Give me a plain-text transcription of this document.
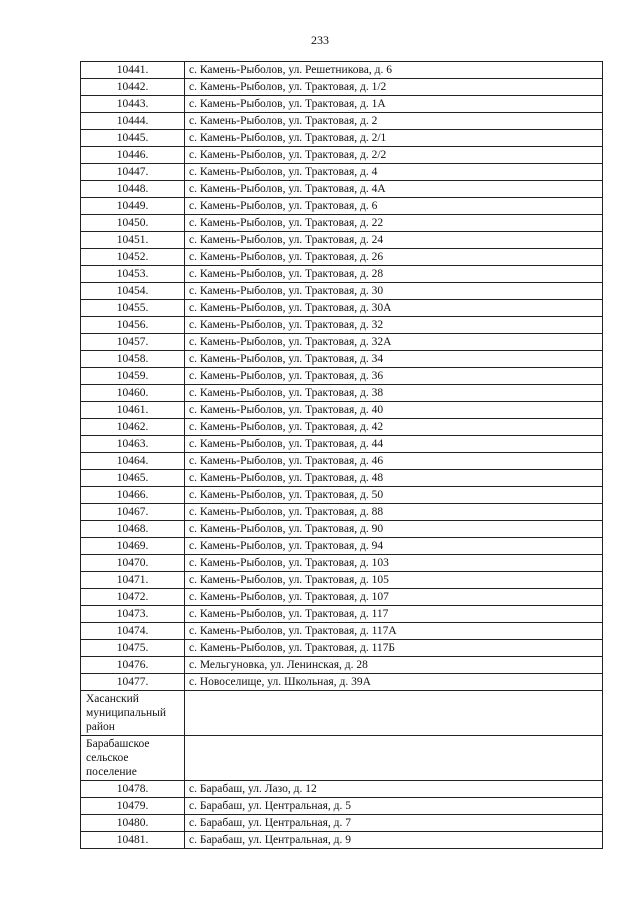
233
10441.	с. Камень-Рыболов, ул. Решетникова, д. 6
10442.	с. Камень-Рыболов, ул. Трактовая, д. 1/2
10443.	с. Камень-Рыболов, ул. Трактовая, д. 1А
10444.	с. Камень-Рыболов, ул. Трактовая, д. 2
10445.	с. Камень-Рыболов, ул. Трактовая, д. 2/1
10446.	с. Камень-Рыболов, ул. Трактовая, д. 2/2
10447.	с. Камень-Рыболов, ул. Трактовая, д. 4
10448.	с. Камень-Рыболов, ул. Трактовая, д. 4А
10449.	с. Камень-Рыболов, ул. Трактовая, д. 6
10450.	с. Камень-Рыболов, ул. Трактовая, д. 22
10451.	с. Камень-Рыболов, ул. Трактовая, д. 24
10452.	с. Камень-Рыболов, ул. Трактовая, д. 26
10453.	с. Камень-Рыболов, ул. Трактовая, д. 28
10454.	с. Камень-Рыболов, ул. Трактовая, д. 30
10455.	с. Камень-Рыболов, ул. Трактовая, д. 30А
10456.	с. Камень-Рыболов, ул. Трактовая, д. 32
10457.	с. Камень-Рыболов, ул. Трактовая, д. 32А
10458.	с. Камень-Рыболов, ул. Трактовая, д. 34
10459.	с. Камень-Рыболов, ул. Трактовая, д. 36
10460.	с. Камень-Рыболов, ул. Трактовая, д. 38
10461.	с. Камень-Рыболов, ул. Трактовая, д. 40
10462.	с. Камень-Рыболов, ул. Трактовая, д. 42
10463.	с. Камень-Рыболов, ул. Трактовая, д. 44
10464.	с. Камень-Рыболов, ул. Трактовая, д. 46
10465.	с. Камень-Рыболов, ул. Трактовая, д. 48
10466.	с. Камень-Рыболов, ул. Трактовая, д. 50
10467.	с. Камень-Рыболов, ул. Трактовая, д. 88
10468.	с. Камень-Рыболов, ул. Трактовая, д. 90
10469.	с. Камень-Рыболов, ул. Трактовая, д. 94
10470.	с. Камень-Рыболов, ул. Трактовая, д. 103
10471.	с. Камень-Рыболов, ул. Трактовая, д. 105
10472.	с. Камень-Рыболов, ул. Трактовая, д. 107
10473.	с. Камень-Рыболов, ул. Трактовая, д. 117
10474.	с. Камень-Рыболов, ул. Трактовая, д. 117А
10475.	с. Камень-Рыболов, ул. Трактовая, д. 117Б
10476.	с. Мельгуновка, ул. Ленинская, д. 28
10477.	с. Новоселище, ул. Школьная, д. 39А
Хасанский
муниципальный
район	
Барабашское
сельское
поселение	
10478.	с. Барабаш, ул. Лазо, д. 12
10479.	с. Барабаш, ул. Центральная, д. 5
10480.	с. Барабаш, ул. Центральная, д. 7
10481.	с. Барабаш, ул. Центральная, д. 9
